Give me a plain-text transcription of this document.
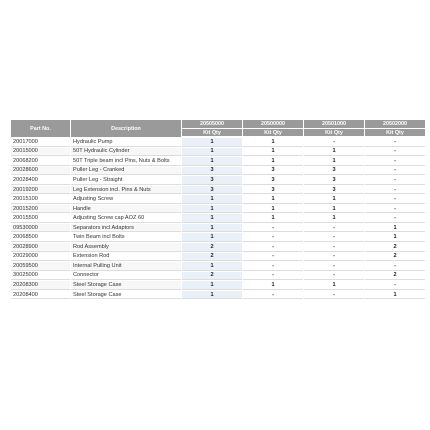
Part No.	Description	20505000	20500000	20501000	20502000
		Kit Qty	Kit Qty	Kit Qty	Kit Qty

20017000	Hydraulic Pump	1	1	-	-
20015000	50T Hydraulic Cylinder	1	1	1	-
20068200	50T Triple beam incl Pins, Nuts & Bolts	1	1	1	-
20028600	Puller Leg - Cranked	3	3	3	-
20028400	Puller Leg - Straight	3	3	3	-
20019200	Leg Extension incl. Pins & Nuts	3	3	3	-
20015100	Adjusting Screw	1	1	1	-
20015200	Handle	1	1	1	-
20015500	Adjusting Screw cap AOZ 60	1	1	1	-
09530000	Separators incl Adaptors	1	-	-	1
20068500	Twin Beam incl Bolts	1	-	-	1
20028900	Rod Assembly	2	-	-	2
20029000	Extension Rod	2	-	-	2
20059500	Internal Pulling Unit	1	-	-	-
30025000	Connector	2	-	-	2
20208300	Steel Storage Case	1	1	1	-
20208400	Steel Storage Case	1	-	-	1
